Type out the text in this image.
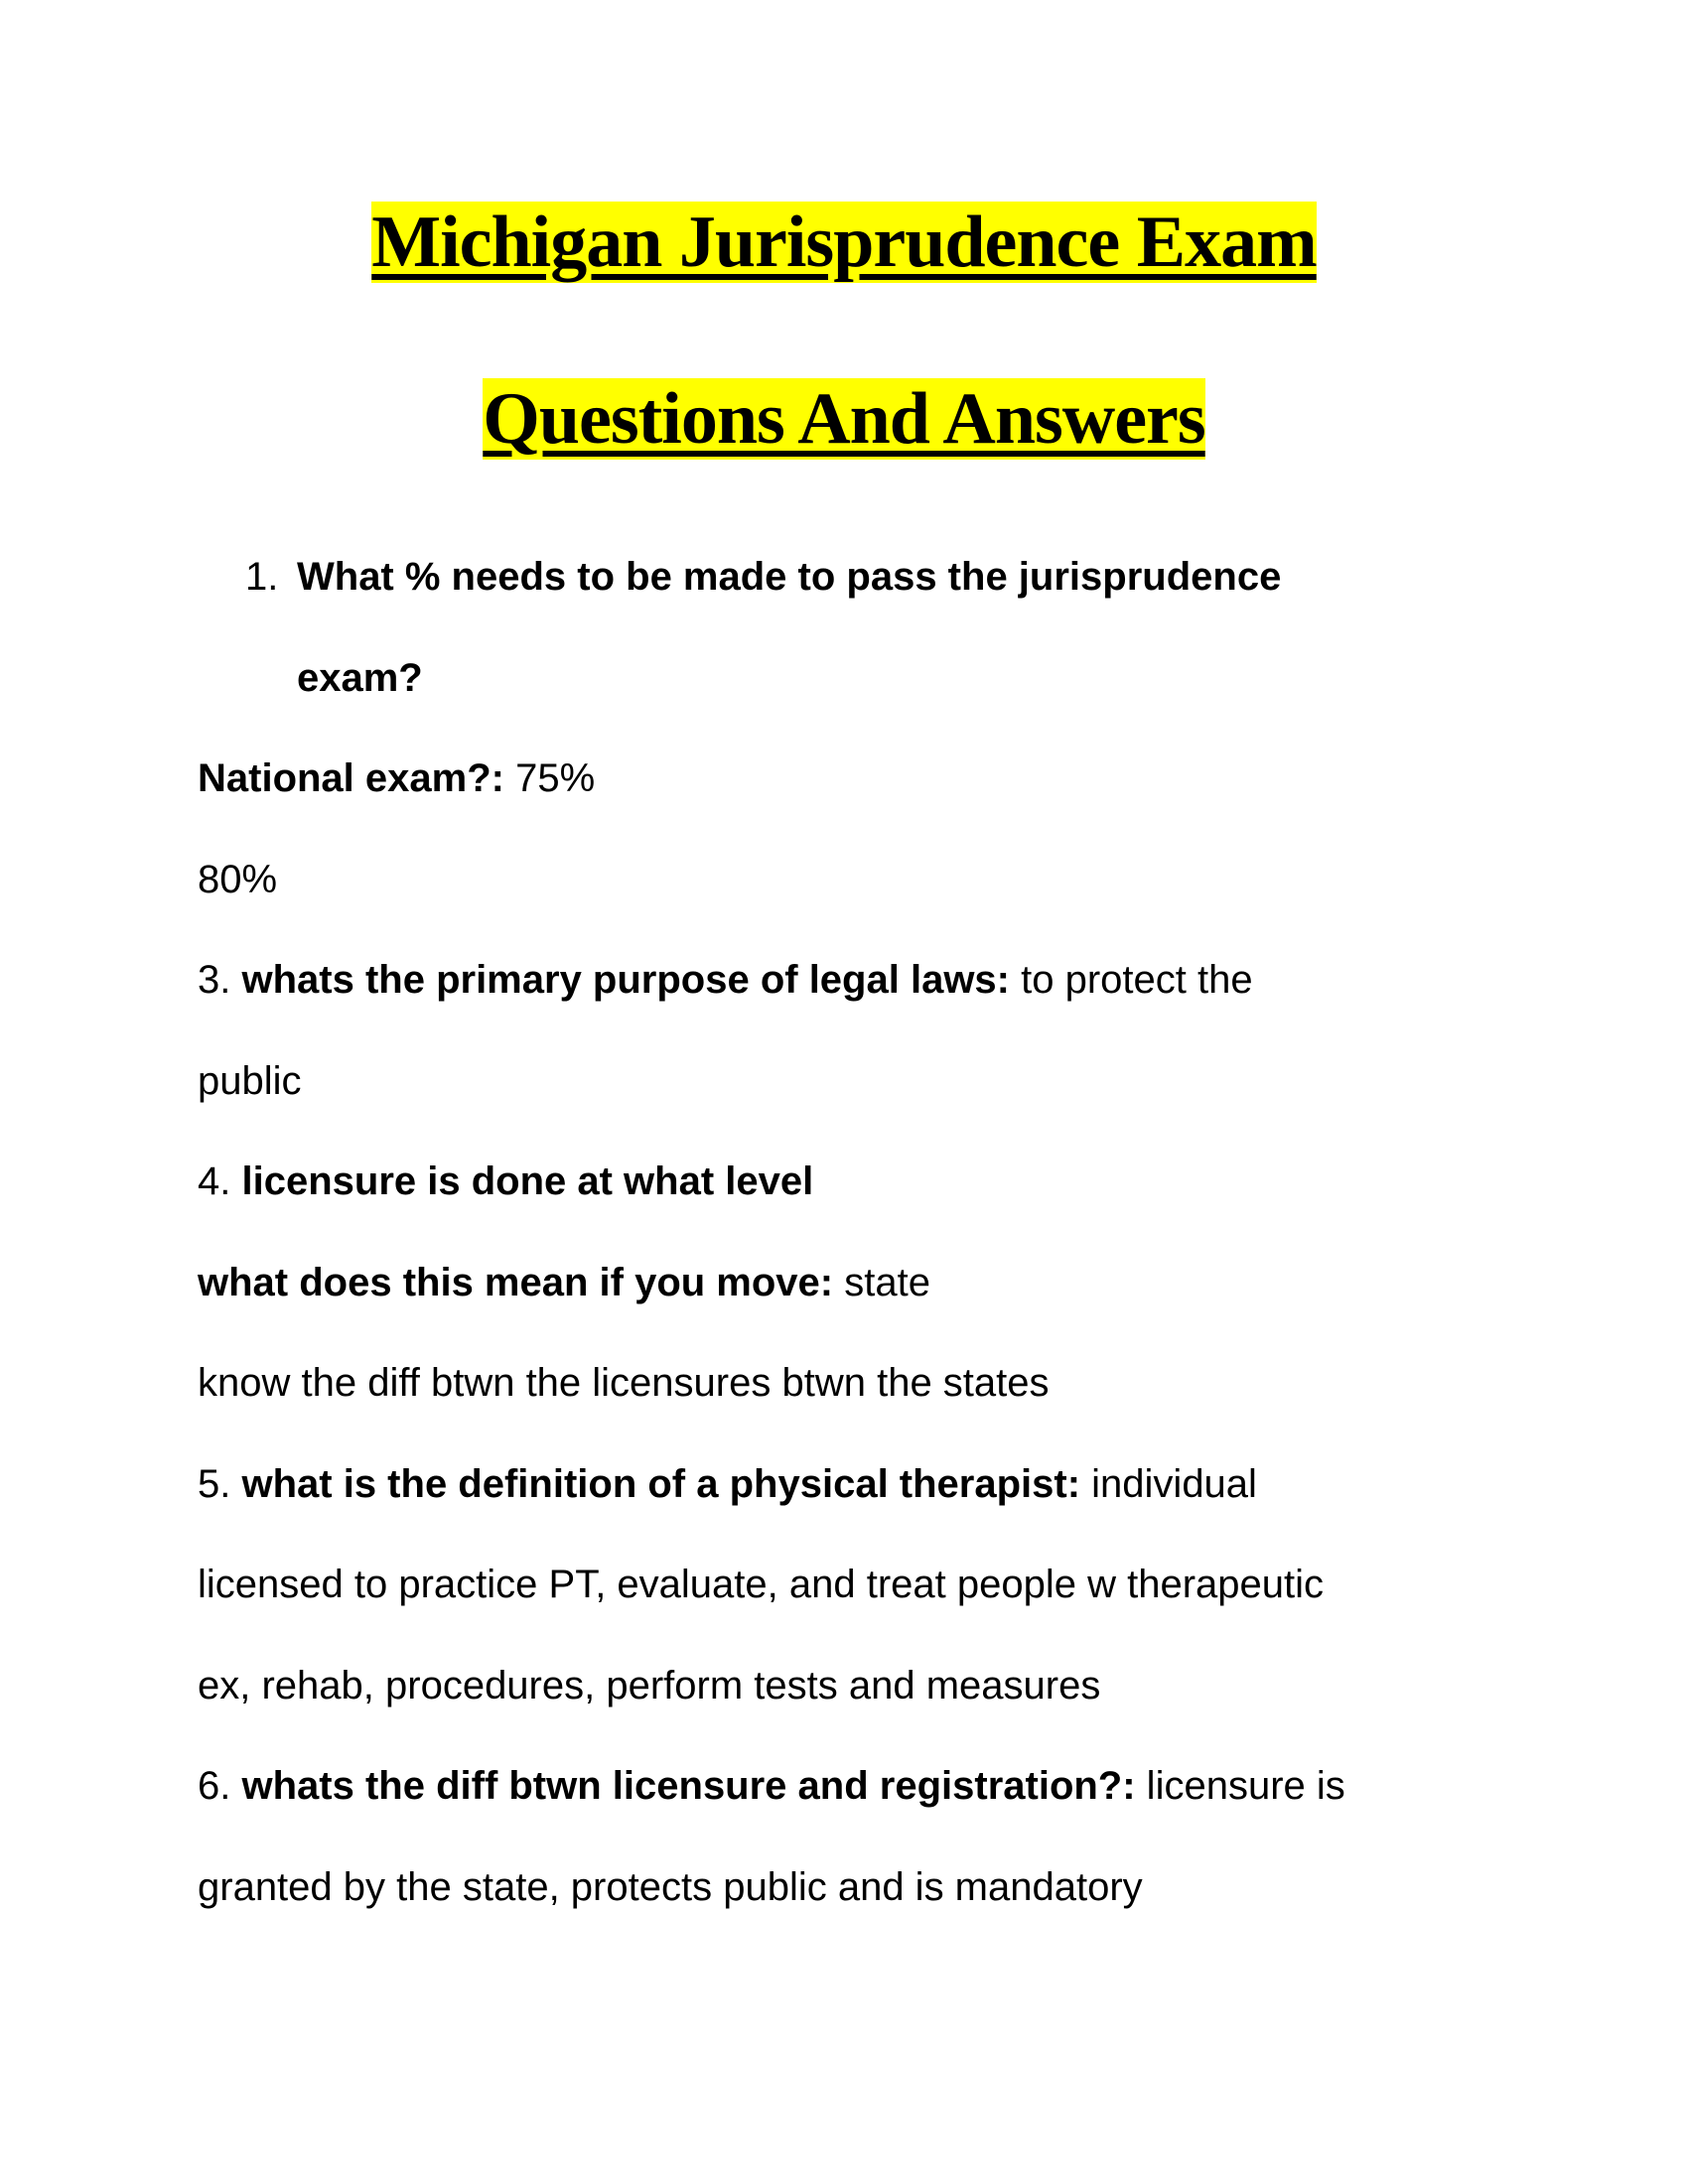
Michigan Jurisprudence Exam
Questions And Answers
1. What % needs to be made to pass the jurisprudence
exam?
National exam?: 75%
80%
3. whats the primary purpose of legal laws: to protect the
public
4. licensure is done at what level
what does this mean if you move: state
know the diff btwn the licensures btwn the states
5. what is the definition of a physical therapist: individual
licensed to practice PT, evaluate, and treat people w therapeutic
ex, rehab, procedures, perform tests and measures
6. whats the diff btwn licensure and registration?: licensure is
granted by the state, protects public and is mandatory
